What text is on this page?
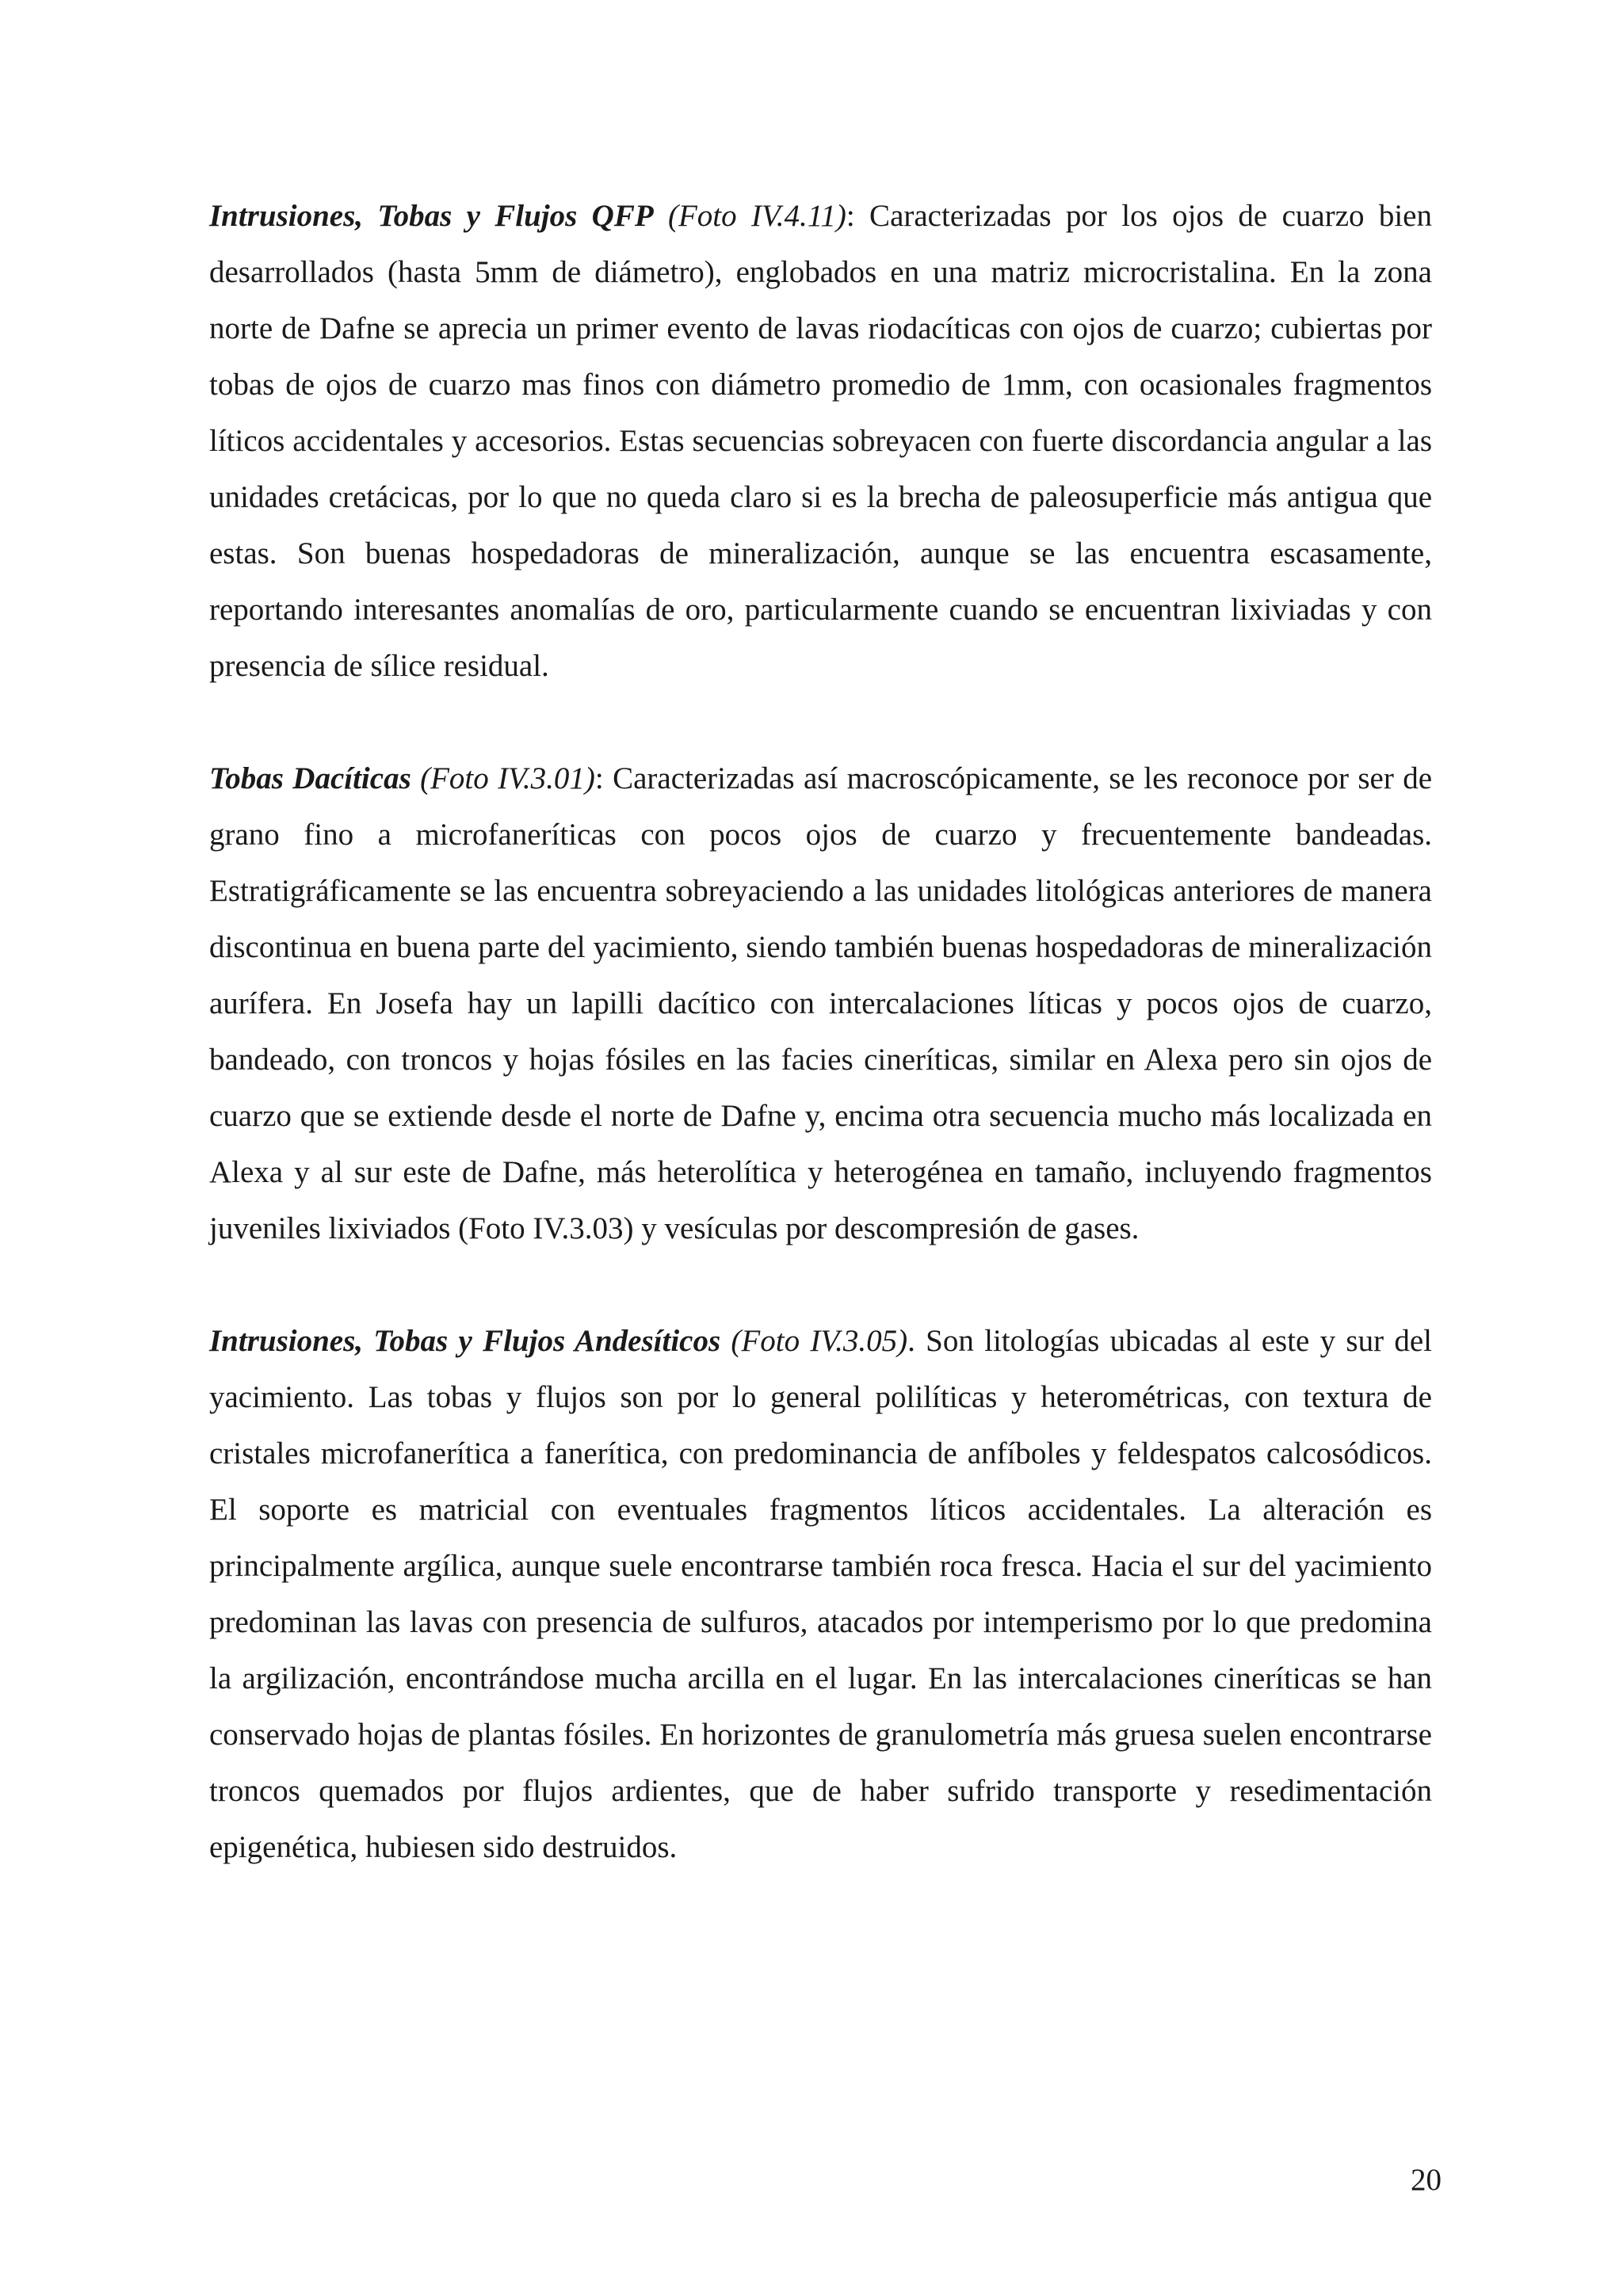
Intrusiones, Tobas y Flujos QFP (Foto IV.4.11): Caracterizadas por los ojos de cuarzo bien desarrollados (hasta 5mm de diámetro), englobados en una matriz microcristalina. En la zona norte de Dafne se aprecia un primer evento de lavas riodacíticas con ojos de cuarzo; cubiertas por tobas de ojos de cuarzo mas finos con diámetro promedio de 1mm, con ocasionales fragmentos líticos accidentales y accesorios. Estas secuencias sobreyacen con fuerte discordancia angular a las unidades cretácicas, por lo que no queda claro si es la brecha de paleosuperficie más antigua que estas. Son buenas hospedadoras de mineralización, aunque se las encuentra escasamente, reportando interesantes anomalías de oro, particularmente cuando se encuentran lixiviadas y con presencia de sílice residual.

Tobas Dacíticas (Foto IV.3.01): Caracterizadas así macroscópicamente, se les reconoce por ser de grano fino a microfaneríticas con pocos ojos de cuarzo y frecuentemente bandeadas. Estratigráficamente se las encuentra sobreyaciendo a las unidades litológicas anteriores de manera discontinua en buena parte del yacimiento, siendo también buenas hospedadoras de mineralización aurífera. En Josefa hay un lapilli dacítico con intercalaciones líticas y pocos ojos de cuarzo, bandeado, con troncos y hojas fósiles en las facies cineríticas, similar en Alexa pero sin ojos de cuarzo que se extiende desde el norte de Dafne y, encima otra secuencia mucho más localizada en Alexa y al sur este de Dafne, más heterolítica y heterogénea en tamaño, incluyendo fragmentos juveniles lixiviados (Foto IV.3.03) y vesículas por descompresión de gases.

Intrusiones, Tobas y Flujos Andesíticos (Foto IV.3.05). Son litologías ubicadas al este y sur del yacimiento. Las tobas y flujos son por lo general polilíticas y heterométricas, con textura de cristales microfanerítica a fanerítica, con predominancia de anfíboles y feldespatos calcosódicos. El soporte es matricial con eventuales fragmentos líticos accidentales. La alteración es principalmente argílica, aunque suele encontrarse también roca fresca. Hacia el sur del yacimiento predominan las lavas con presencia de sulfuros, atacados por intemperismo por lo que predomina la argilización, encontrándose mucha arcilla en el lugar. En las intercalaciones cineríticas se han conservado hojas de plantas fósiles. En horizontes de granulometría más gruesa suelen encontrarse troncos quemados por flujos ardientes, que de haber sufrido transporte y resedimentación epigenética, hubiesen sido destruidos.

20
